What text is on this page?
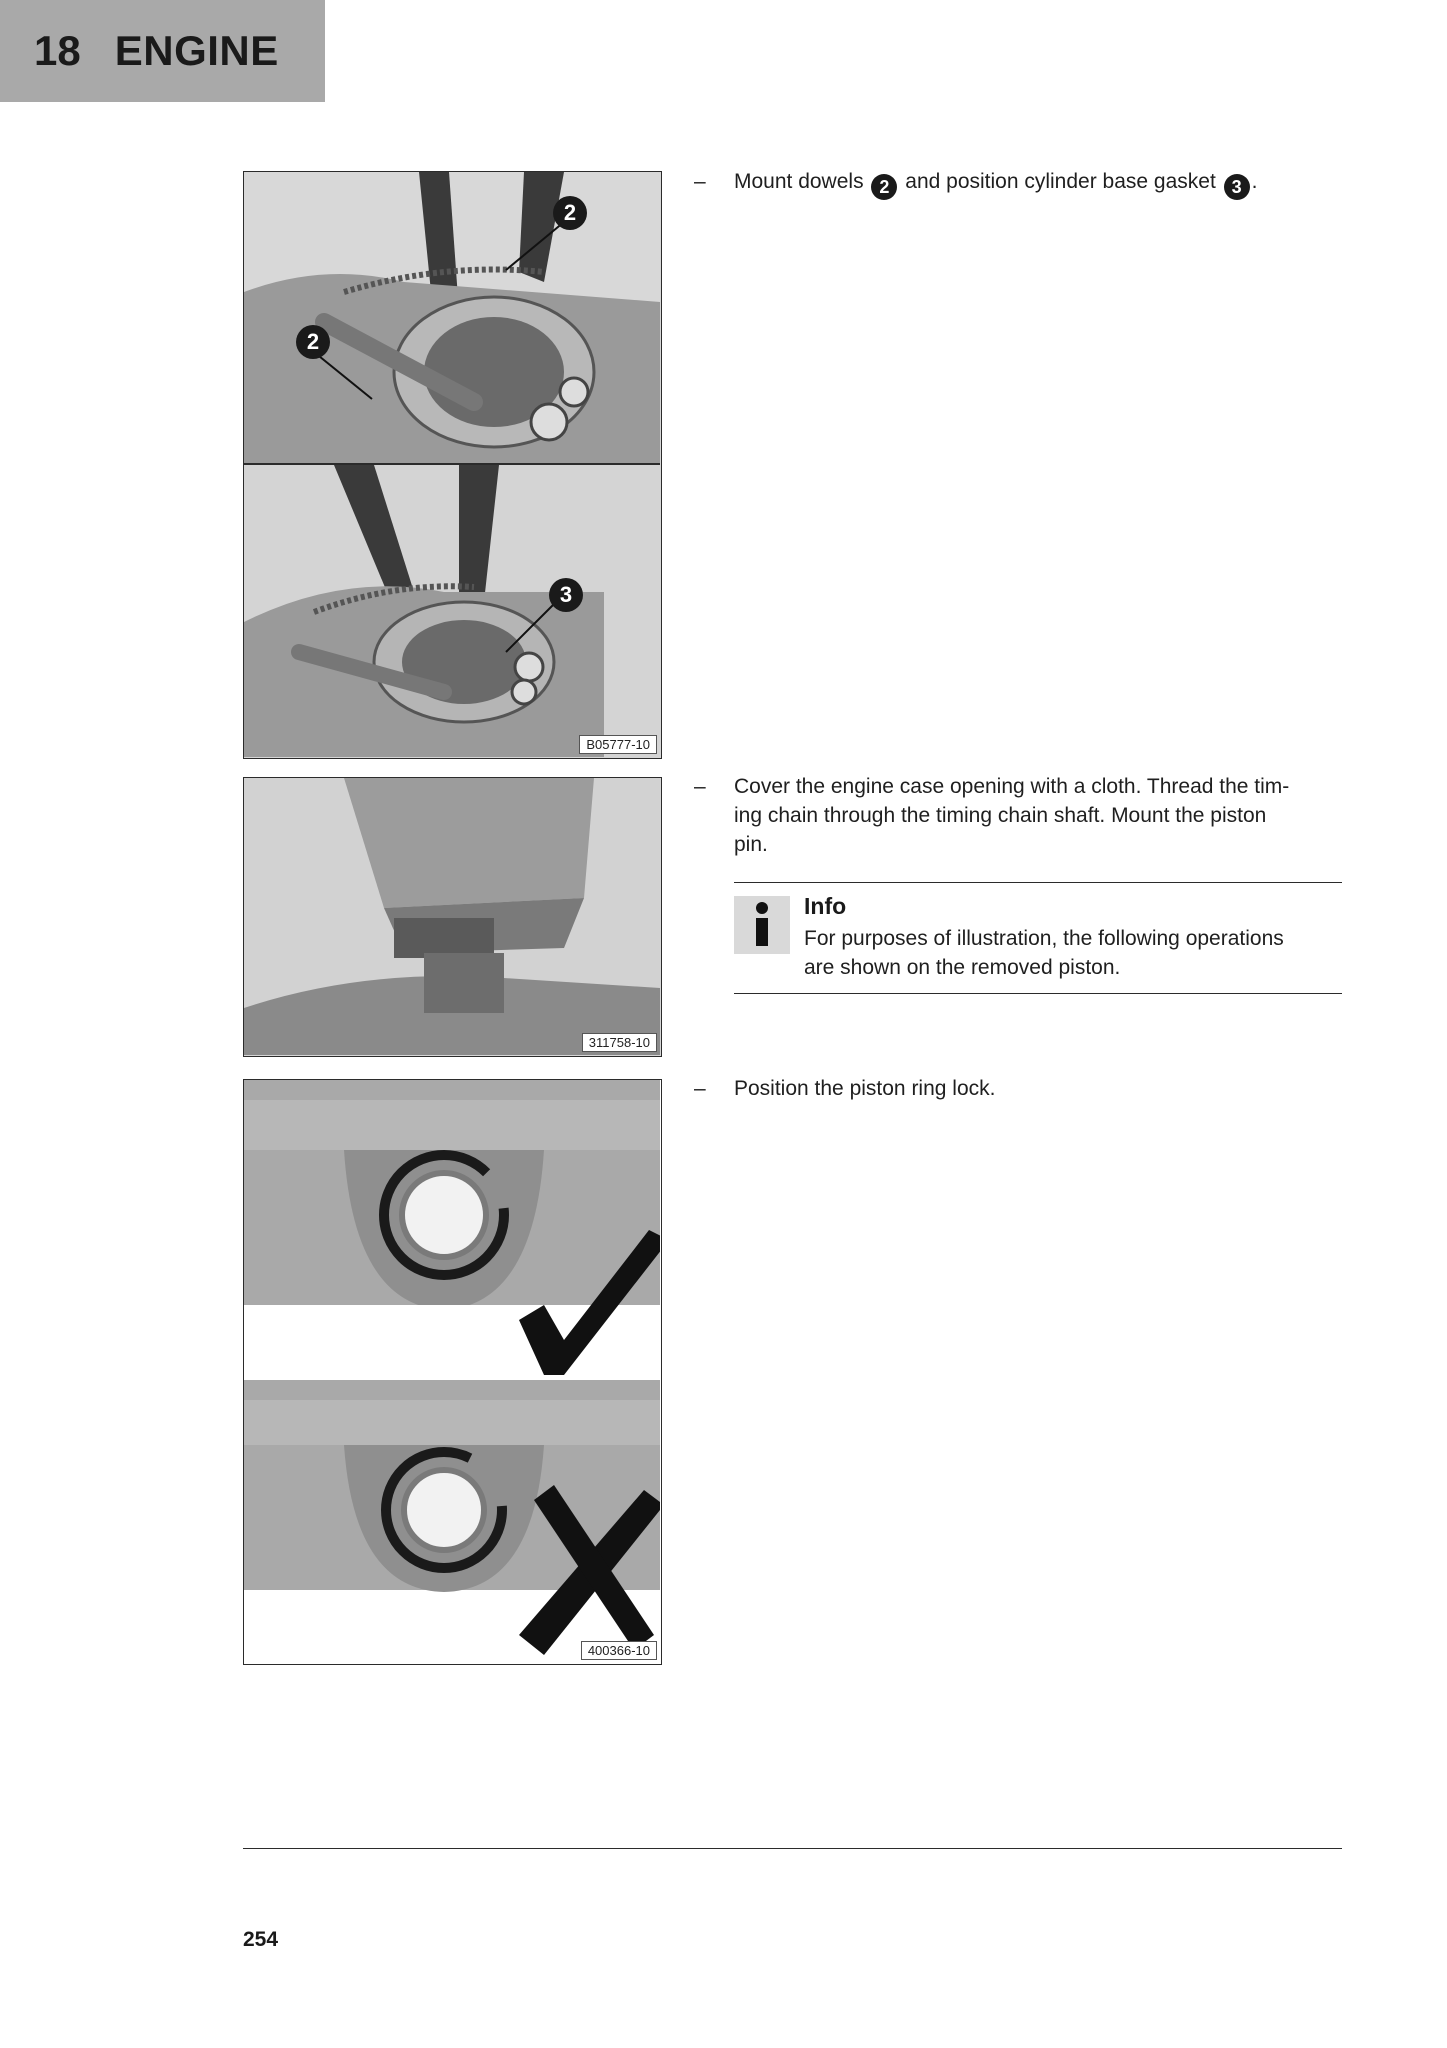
18 ENGINE
2
2
3
B05777-10
311758-10
400366-10
– Mount dowels 2 and position cylinder base gasket 3 .
– Cover the engine case opening with a cloth. Thread the tim-
ing chain through the timing chain shaft. Mount the piston
pin.
Info
For purposes of illustration, the following operations
are shown on the removed piston.
– Position the piston ring lock.
254
